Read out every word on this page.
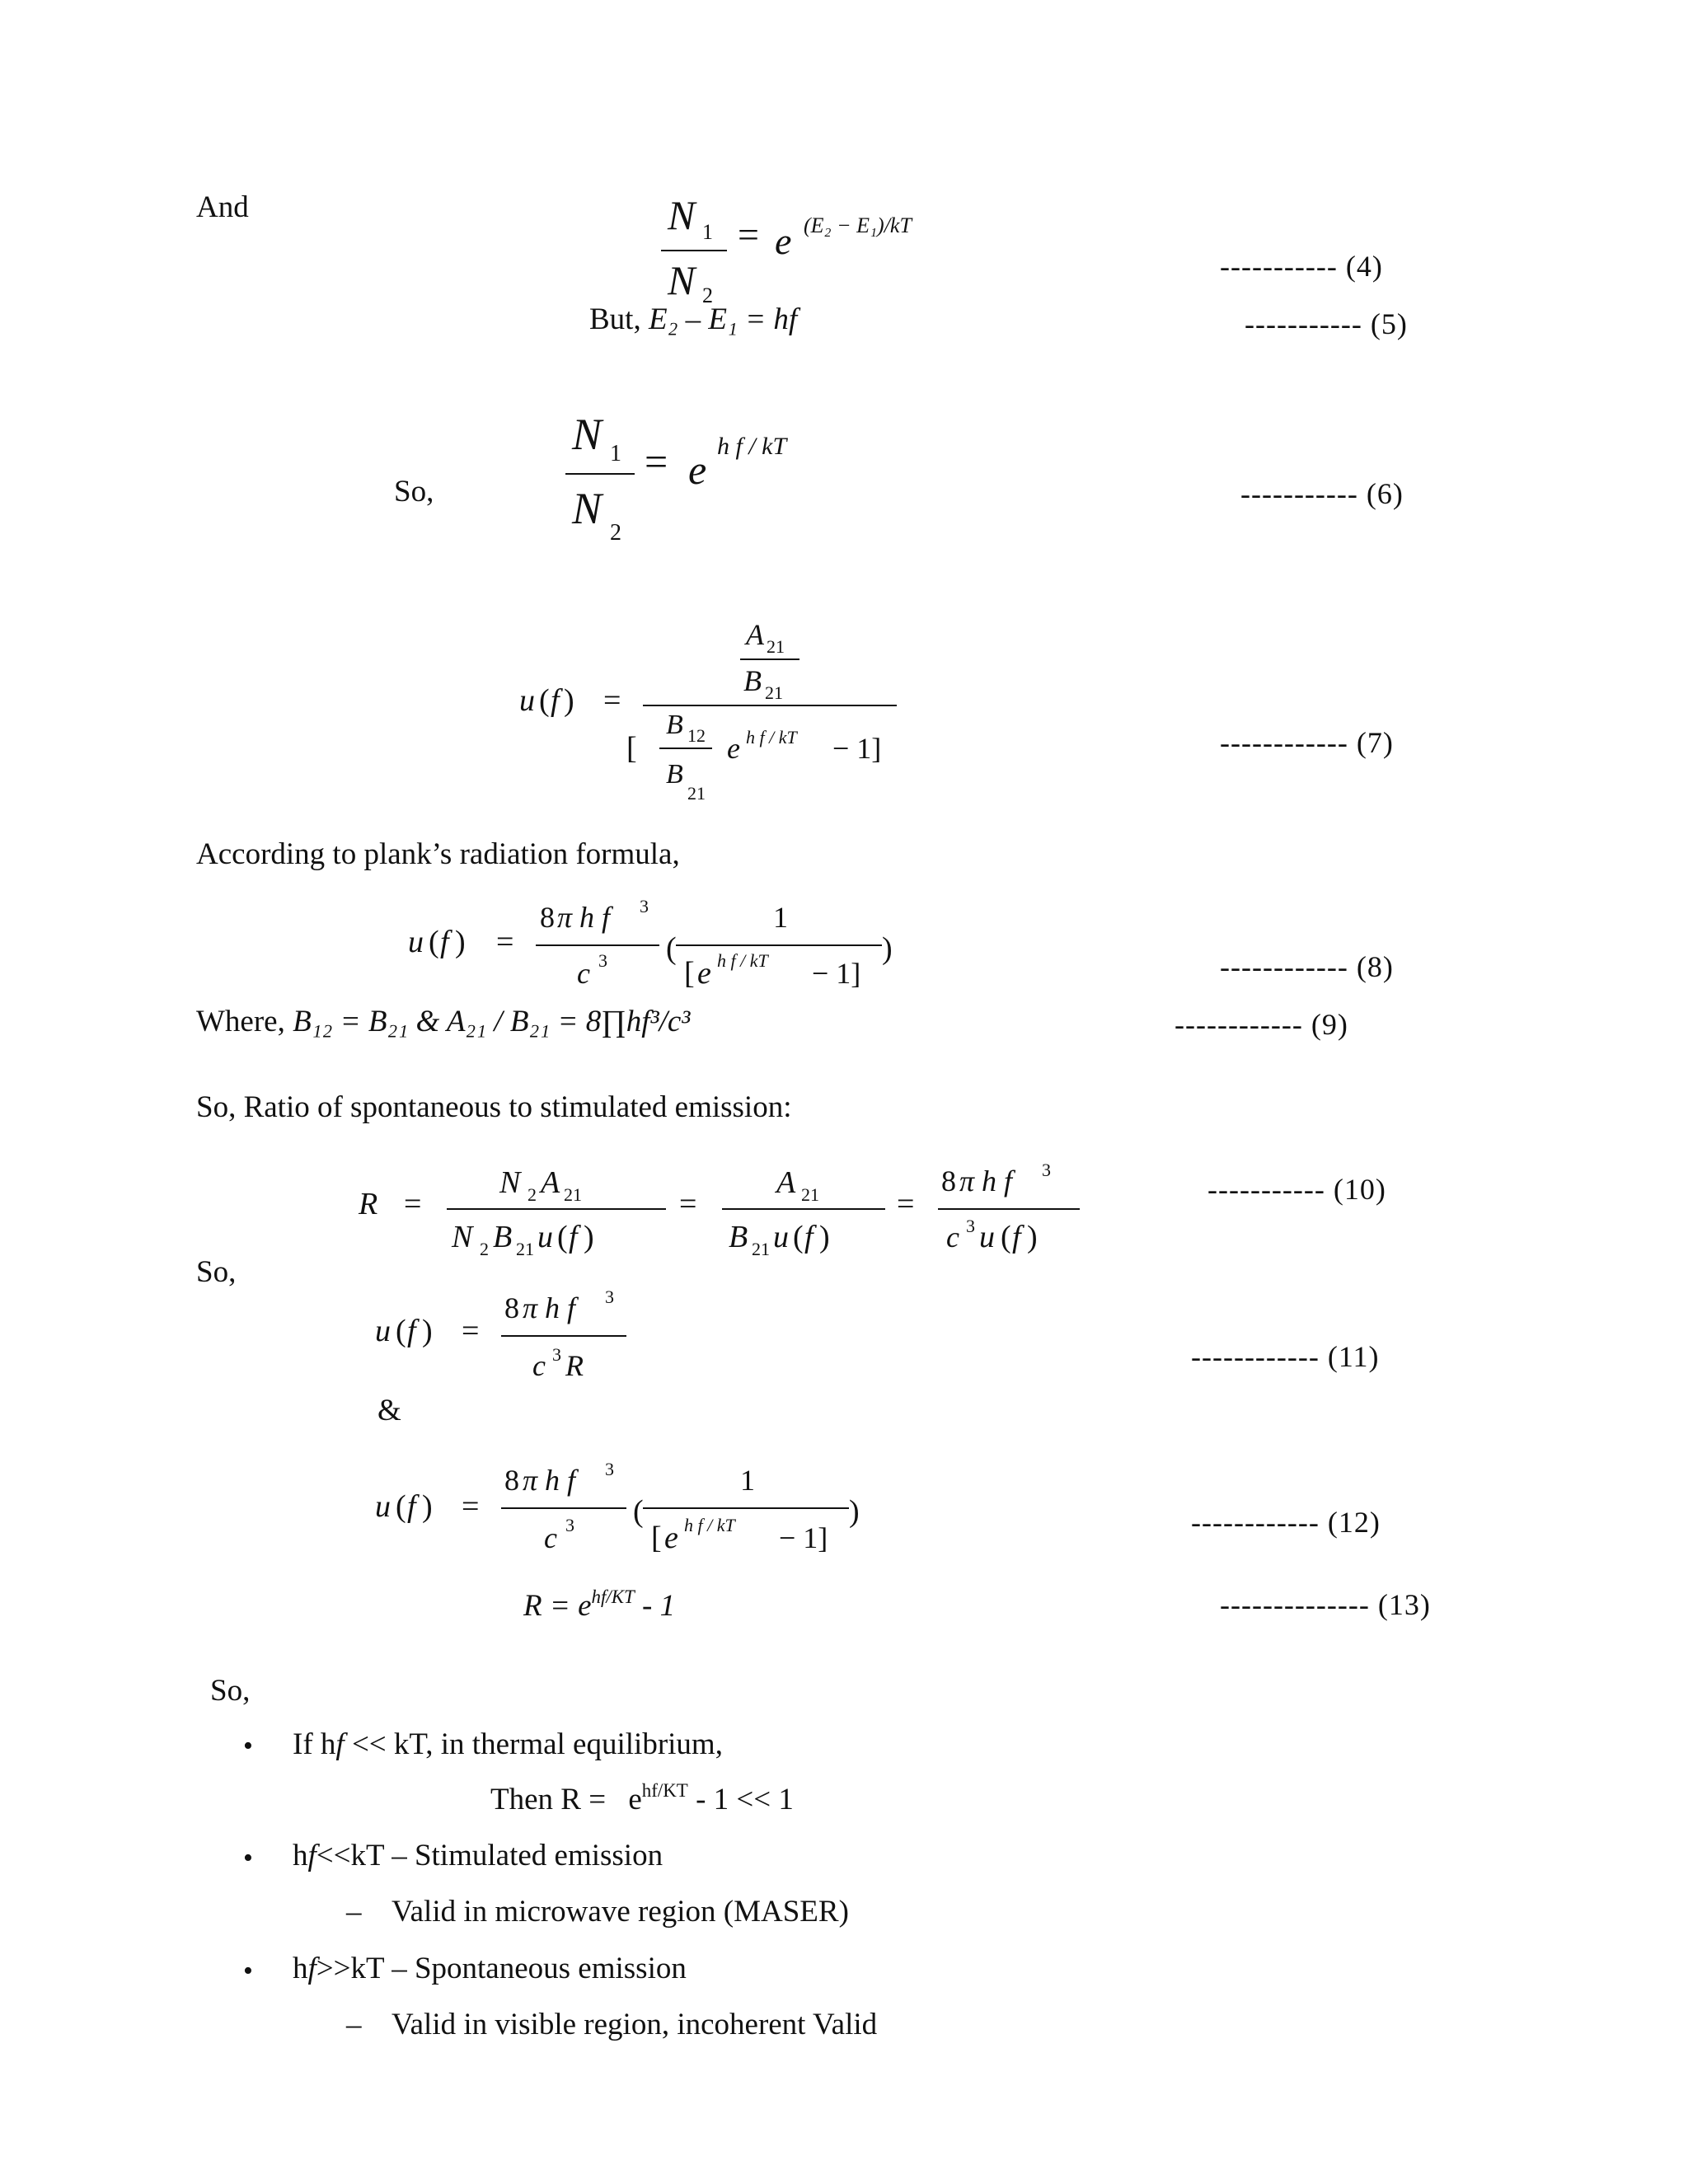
And	N 1
N 2
= e (E₂ − E₁)/kT
----------- (4)
But, E₂ – E₁ = hf	----------- (5)
So,
N 1
N 2
= e
h f / kT
----------- (6)
u ( f ) =
A 21
B 21
[
B 12
B
21
e h f / kT − 1]	------------ (7)
According to plank’s radiation formula,
u ( f ) =
8 π h f 3
c 3 (
1
[ e h f / kT − 1]
)
------------ (8)
Where, B₁₂ = B₂₁ & A₂₁ / B₂₁ = 8∏hf³/c³	------------ (9)
So, Ratio of spontaneous to stimulated emission:
R =
N 2 A 21
N 2 B 21 u ( f )
=
A 21
B 21 u ( f )
=
8 π h f 3
c 3 u ( f )
----------- (10)
So,
u ( f ) =
8 π h f 3
c 3 R	------------ (11)
&
u ( f ) =
8 π h f 3
c 3 (
1
[ e h f / kT − 1]
)	------------ (12)
$R = e^{hf/KT} - 1$	-------------- (13)
So,
• If hf << kT, in thermal equilibrium,
Then $R = e^{hf/KT} - 1 << 1$
• hf<<kT – Stimulated emission
– Valid in microwave region (MASER)
• hf>>kT – Spontaneous emission
– Valid in visible region, incoherent Valid
